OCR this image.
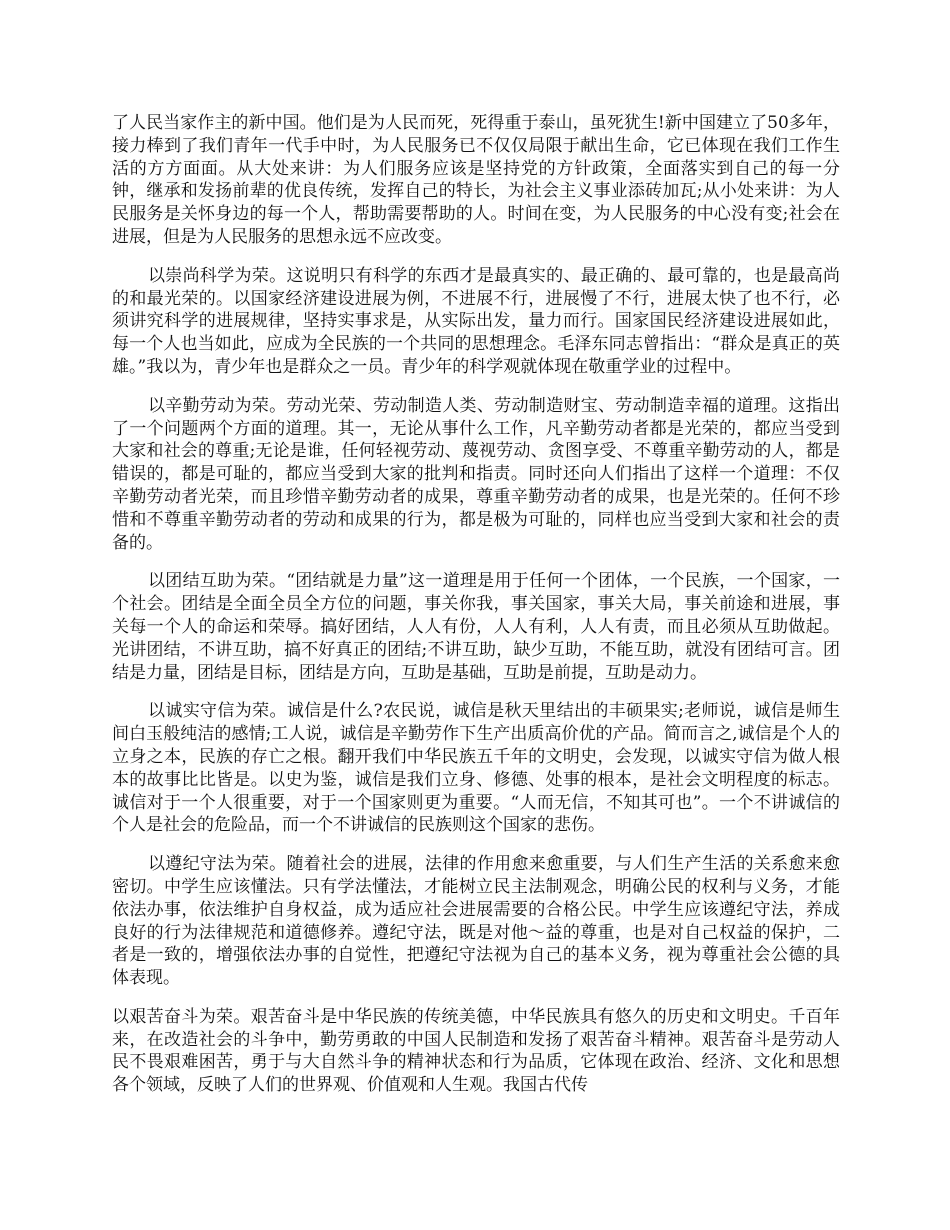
了人民当家作主的新中国。他们是为人民而死，死得重于泰山，虽死犹生!新中国建立了50多年，接力棒到了我们青年一代手中时，为人民服务已不仅仅局限于献出生命，它已体现在我们工作生活的方方面面。从大处来讲：为人们服务应该是坚持党的方针政策，全面落实到自己的每一分钟，继承和发扬前辈的优良传统，发挥自己的特长，为社会主义事业添砖加瓦;从小处来讲：为人民服务是关怀身边的每一个人，帮助需要帮助的人。时间在变，为人民服务的中心没有变;社会在进展，但是为人民服务的思想永远不应改变。

以崇尚科学为荣。这说明只有科学的东西才是最真实的、最正确的、最可靠的，也是最高尚的和最光荣的。以国家经济建设进展为例，不进展不行，进展慢了不行，进展太快了也不行，必须讲究科学的进展规律，坚持实事求是，从实际出发，量力而行。国家国民经济建设进展如此，每一个人也当如此，应成为全民族的一个共同的思想理念。毛泽东同志曾指出：“群众是真正的英雄。”我以为，青少年也是群众之一员。青少年的科学观就体现在敬重学业的过程中。

以辛勤劳动为荣。劳动光荣、劳动制造人类、劳动制造财宝、劳动制造幸福的道理。这指出了一个问题两个方面的道理。其一，无论从事什么工作，凡辛勤劳动者都是光荣的，都应当受到大家和社会的尊重;无论是谁，任何轻视劳动、蔑视劳动、贪图享受、不尊重辛勤劳动的人，都是错误的，都是可耻的，都应当受到大家的批判和指责。同时还向人们指出了这样一个道理：不仅辛勤劳动者光荣，而且珍惜辛勤劳动者的成果，尊重辛勤劳动者的成果，也是光荣的。任何不珍惜和不尊重辛勤劳动者的劳动和成果的行为，都是极为可耻的，同样也应当受到大家和社会的责备的。

以团结互助为荣。“团结就是力量”这一道理是用于任何一个团体，一个民族，一个国家，一个社会。团结是全面全员全方位的问题，事关你我，事关国家，事关大局，事关前途和进展，事关每一个人的命运和荣辱。搞好团结，人人有份，人人有利，人人有责，而且必须从互助做起。光讲团结，不讲互助，搞不好真正的团结;不讲互助，缺少互助，不能互助，就没有团结可言。团结是力量，团结是目标，团结是方向，互助是基础，互助是前提，互助是动力。

以诚实守信为荣。诚信是什么?农民说，诚信是秋天里结出的丰硕果实;老师说，诚信是师生间白玉般纯洁的感情;工人说，诚信是辛勤劳作下生产出质高价优的产品。简而言之,诚信是个人的立身之本，民族的存亡之根。翻开我们中华民族五千年的文明史，会发现，以诚实守信为做人根本的故事比比皆是。以史为鉴，诚信是我们立身、修德、处事的根本，是社会文明程度的标志。诚信对于一个人很重要，对于一个国家则更为重要。“人而无信，不知其可也”。一个不讲诚信的个人是社会的危险品，而一个不讲诚信的民族则这个国家的悲伤。

以遵纪守法为荣。随着社会的进展，法律的作用愈来愈重要，与人们生产生活的关系愈来愈密切。中学生应该懂法。只有学法懂法，才能树立民主法制观念，明确公民的权利与义务，才能依法办事，依法维护自身权益，成为适应社会进展需要的合格公民。中学生应该遵纪守法，养成良好的行为法律规范和道德修养。遵纪守法，既是对他～益的尊重，也是对自己权益的保护，二者是一致的，增强依法办事的自觉性，把遵纪守法视为自己的基本义务，视为尊重社会公德的具体表现。

以艰苦奋斗为荣。艰苦奋斗是中华民族的传统美德，中华民族具有悠久的历史和文明史。千百年来，在改造社会的斗争中，勤劳勇敢的中国人民制造和发扬了艰苦奋斗精神。艰苦奋斗是劳动人民不畏艰难困苦，勇于与大自然斗争的精神状态和行为品质，它体现在政治、经济、文化和思想各个领域，反映了人们的世界观、价值观和人生观。我国古代传
